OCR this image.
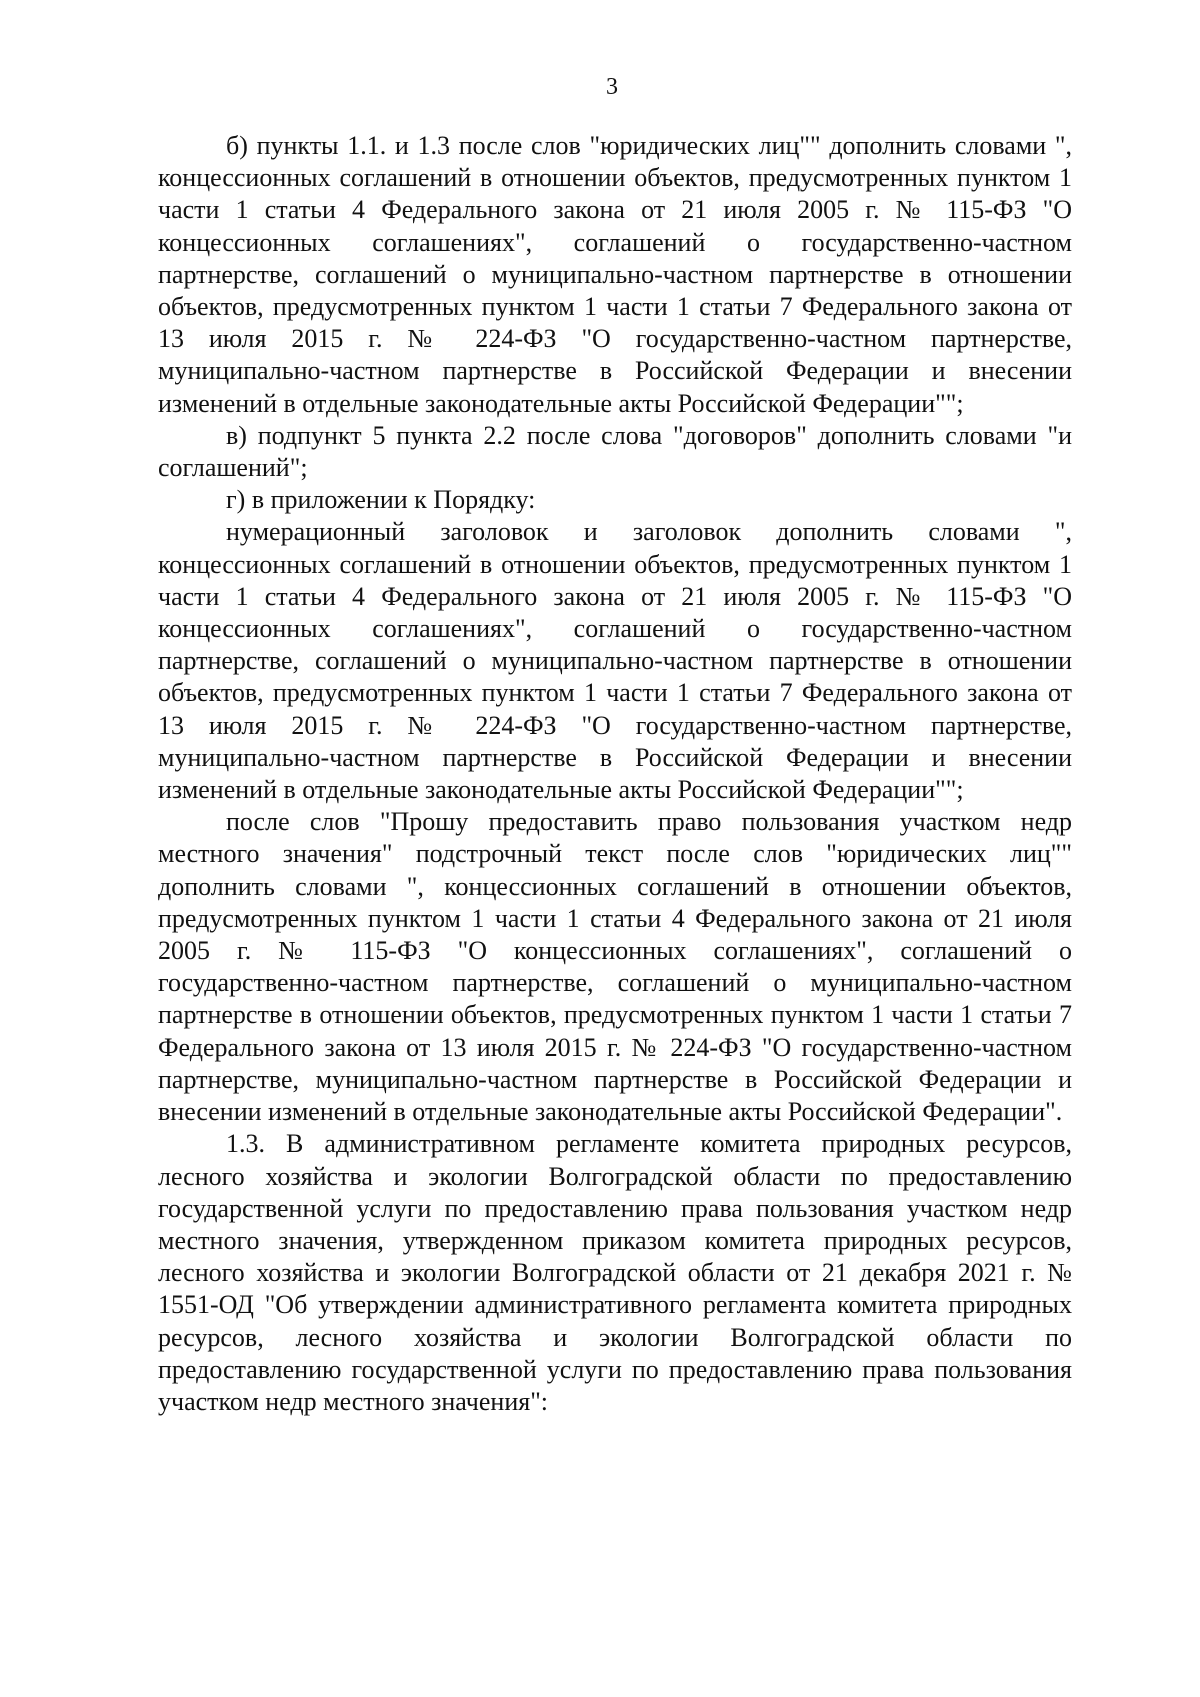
3

б) пункты 1.1. и 1.3 после слов "юридических лиц"" дополнить словами ", концессионных соглашений в отношении объектов, предусмотренных пунктом 1 части 1 статьи 4 Федерального закона от 21 июля 2005 г. № 115-ФЗ "О концессионных соглашениях", соглашений о государственно-частном партнерстве, соглашений о муниципально-частном партнерстве в отношении объектов, предусмотренных пунктом 1 части 1 статьи 7 Федерального закона от 13 июля 2015 г. № 224-ФЗ "О государственно-частном партнерстве, муниципально-частном партнерстве в Российской Федерации и внесении изменений в отдельные законодательные акты Российской Федерации"";

в) подпункт 5 пункта 2.2 после слова "договоров" дополнить словами "и соглашений";

г) в приложении к Порядку:

нумерационный заголовок и заголовок дополнить словами ", концессионных соглашений в отношении объектов, предусмотренных пунктом 1 части 1 статьи 4 Федерального закона от 21 июля 2005 г. № 115-ФЗ "О концессионных соглашениях", соглашений о государственно-частном партнерстве, соглашений о муниципально-частном партнерстве в отношении объектов, предусмотренных пунктом 1 части 1 статьи 7 Федерального закона от 13 июля 2015 г. № 224-ФЗ "О государственно-частном партнерстве, муниципально-частном партнерстве в Российской Федерации и внесении изменений в отдельные законодательные акты Российской Федерации"";

после слов "Прошу предоставить право пользования участком недр местного значения" подстрочный текст после слов "юридических лиц"" дополнить словами ", концессионных соглашений в отношении объектов, предусмотренных пунктом 1 части 1 статьи 4 Федерального закона от 21 июля 2005 г. № 115-ФЗ "О концессионных соглашениях", соглашений о государственно-частном партнерстве, соглашений о муниципально-частном партнерстве в отношении объектов, предусмотренных пунктом 1 части 1 статьи 7 Федерального закона от 13 июля 2015 г. № 224-ФЗ "О государственно-частном партнерстве, муниципально-частном партнерстве в Российской Федерации и внесении изменений в отдельные законодательные акты Российской Федерации".

1.3. В административном регламенте комитета природных ресурсов, лесного хозяйства и экологии Волгоградской области по предоставлению государственной услуги по предоставлению права пользования участком недр местного значения, утвержденном приказом комитета природных ресурсов, лесного хозяйства и экологии Волгоградской области от 21 декабря 2021 г. № 1551-ОД "Об утверждении административного регламента комитета природных ресурсов, лесного хозяйства и экологии Волгоградской области по предоставлению государственной услуги по предоставлению права пользования участком недр местного значения":
